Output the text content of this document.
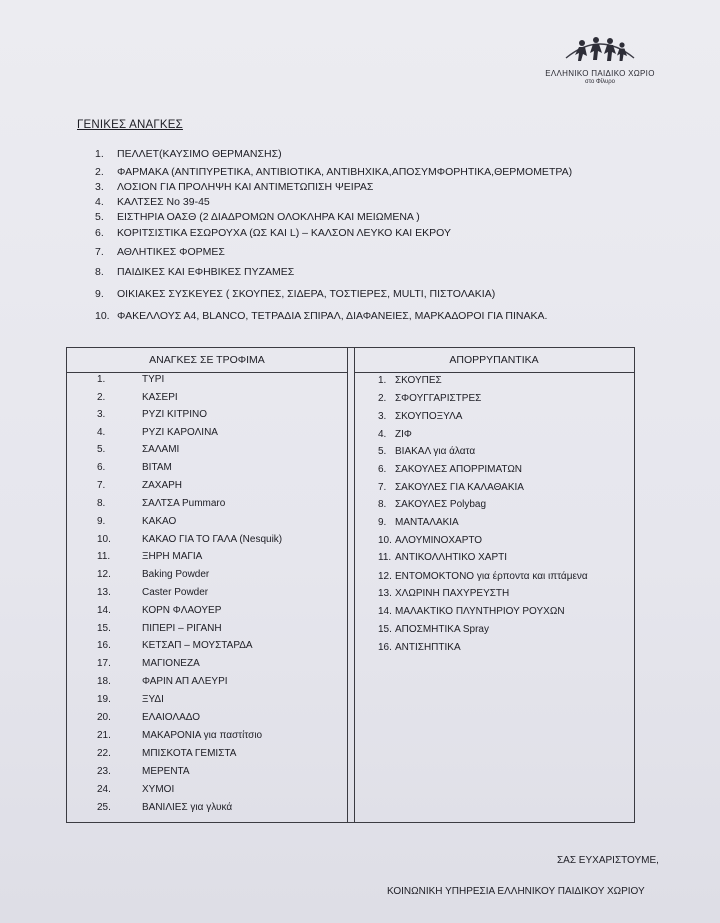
ΕΛΛΗΝΙΚΟ ΠΑΙΔΙΚΟ ΧΩΡΙΟ
στο Φίλυρο
ΓΕΝΙΚΕΣ ΑΝΑΓΚΕΣ
1. ΠΕΛΛΕΤ(ΚΑΥΣΙΜΟ ΘΕΡΜΑΝΣΗΣ)
2. ΦΑΡΜΑΚΑ (ΑΝΤΙΠΥΡΕΤΙΚΑ, ΑΝΤΙΒΙΟΤΙΚΑ, ΑΝΤΙΒΗΧΙΚΑ,ΑΠΟΣΥΜΦΟΡΗΤΙΚΑ,ΘΕΡΜΟΜΕΤΡΑ)
3. ΛΟΣΙΟΝ ΓΙΑ ΠΡΟΛΗΨΗ ΚΑΙ ΑΝΤΙΜΕΤΩΠΙΣΗ ΨΕΙΡΑΣ
4. ΚΑΛΤΣΕΣ No 39-45
5. ΕΙΣΤΗΡΙΑ ΟΑΣΘ (2 ΔΙΑΔΡΟΜΩΝ ΟΛΟΚΛΗΡΑ ΚΑΙ ΜΕΙΩΜΕΝΑ )
6. ΚΟΡΙΤΣΙΣΤΙΚΑ ΕΣΩΡΟΥΧΑ (ΩΣ ΚΑΙ L) – ΚΑΛΣΟΝ ΛΕΥΚΟ ΚΑΙ ΕΚΡΟΥ
7. ΑΘΛΗΤΙΚΕΣ ΦΟΡΜΕΣ
8. ΠΑΙΔΙΚΕΣ ΚΑΙ ΕΦΗΒΙΚΕΣ ΠΥΖΑΜΕΣ
9. ΟΙΚΙΑΚΕΣ ΣΥΣΚΕΥΕΣ ( ΣΚΟΥΠΕΣ, ΣΙΔΕΡΑ, ΤΟΣΤΙΕΡΕΣ, MULTI, ΠΙΣΤΟΛΑΚΙΑ)
10. ΦΑΚΕΛΛΟΥΣ Α4, BLANCO, ΤΕΤΡΑΔΙΑ ΣΠΙΡΑΛ, ΔΙΑΦΑΝΕΙΕΣ, ΜΑΡΚΑΔΟΡΟΙ ΓΙΑ ΠΙΝΑΚΑ.
ΑΝΑΓΚΕΣ ΣΕ ΤΡΟΦΙΜΑ
1.	ΤΥΡΙ
2.	ΚΑΣΕΡΙ
3.	ΡΥΖΙ ΚΙΤΡΙΝΟ
4.	ΡΥΖΙ ΚΑΡΟΛΙΝΑ
5.	ΣΑΛΑΜΙ
6.	ΒΙΤΑΜ
7.	ΖΑΧΑΡΗ
8.	ΣΑΛΤΣΑ Pummaro
9.	ΚΑΚΑΟ
10.	ΚΑΚΑΟ ΓΙΑ ΤΟ ΓΑΛΑ (Nesquik)
11.	ΞΗΡΗ ΜΑΓΙΑ
12.	Baking Powder
13.	Caster Powder
14.	ΚΟΡΝ ΦΛΑΟΥΕΡ
15.	ΠΙΠΕΡΙ – ΡΙΓΑΝΗ
16.	ΚΕΤΣΑΠ – ΜΟΥΣΤΑΡΔΑ
17.	ΜΑΓΙΟΝΕΖΑ
18.	ΦΑΡΙΝ ΑΠ ΑΛΕΥΡΙ
19.	ΞΥΔΙ
20.	ΕΛΑΙΟΛΑΔΟ
21.	ΜΑΚΑΡΟΝΙΑ για παστίτσιο
22.	ΜΠΙΣΚΟΤΑ ΓΕΜΙΣΤΑ
23.	ΜΕΡΕΝΤΑ
24.	ΧΥΜΟΙ
25.	ΒΑΝΙΛΙΕΣ για γλυκά
ΑΠΟΡΡΥΠΑΝΤΙΚΑ
1. ΣΚΟΥΠΕΣ
2. ΣΦΟΥΓΓΑΡΙΣΤΡΕΣ
3. ΣΚΟΥΠΟΞΥΛΑ
4. ΖΙΦ
5. ΒΙΑΚΑΛ για άλατα
6. ΣΑΚΟΥΛΕΣ ΑΠΟΡΡΙΜΑΤΩΝ
7. ΣΑΚΟΥΛΕΣ ΓΙΑ ΚΑΛΑΘΑΚΙΑ
8. ΣΑΚΟΥΛΕΣ Polybag
9. ΜΑΝΤΑΛΑΚΙΑ
10. ΑΛΟΥΜΙΝΟΧΑΡΤΟ
11. ΑΝΤΙΚΟΛΛΗΤΙΚΟ ΧΑΡΤΙ
12. ΕΝΤΟΜΟΚΤΟΝΟ για έρποντα και ιπτάμενα
13. ΧΛΩΡΙΝΗ ΠΑΧΥΡΕΥΣΤΗ
14. ΜΑΛΑΚΤΙΚΟ ΠΛΥΝΤΗΡΙΟΥ ΡΟΥΧΩΝ
15. ΑΠΟΣΜΗΤΙΚΑ Spray
16. ΑΝΤΙΣΗΠΤΙΚΑ
ΣΑΣ ΕΥΧΑΡΙΣΤΟΥΜΕ,
ΚΟΙΝΩΝΙΚΗ ΥΠΗΡΕΣΙΑ ΕΛΛΗΝΙΚΟΥ ΠΑΙΔΙΚΟΥ ΧΩΡΙΟΥ
